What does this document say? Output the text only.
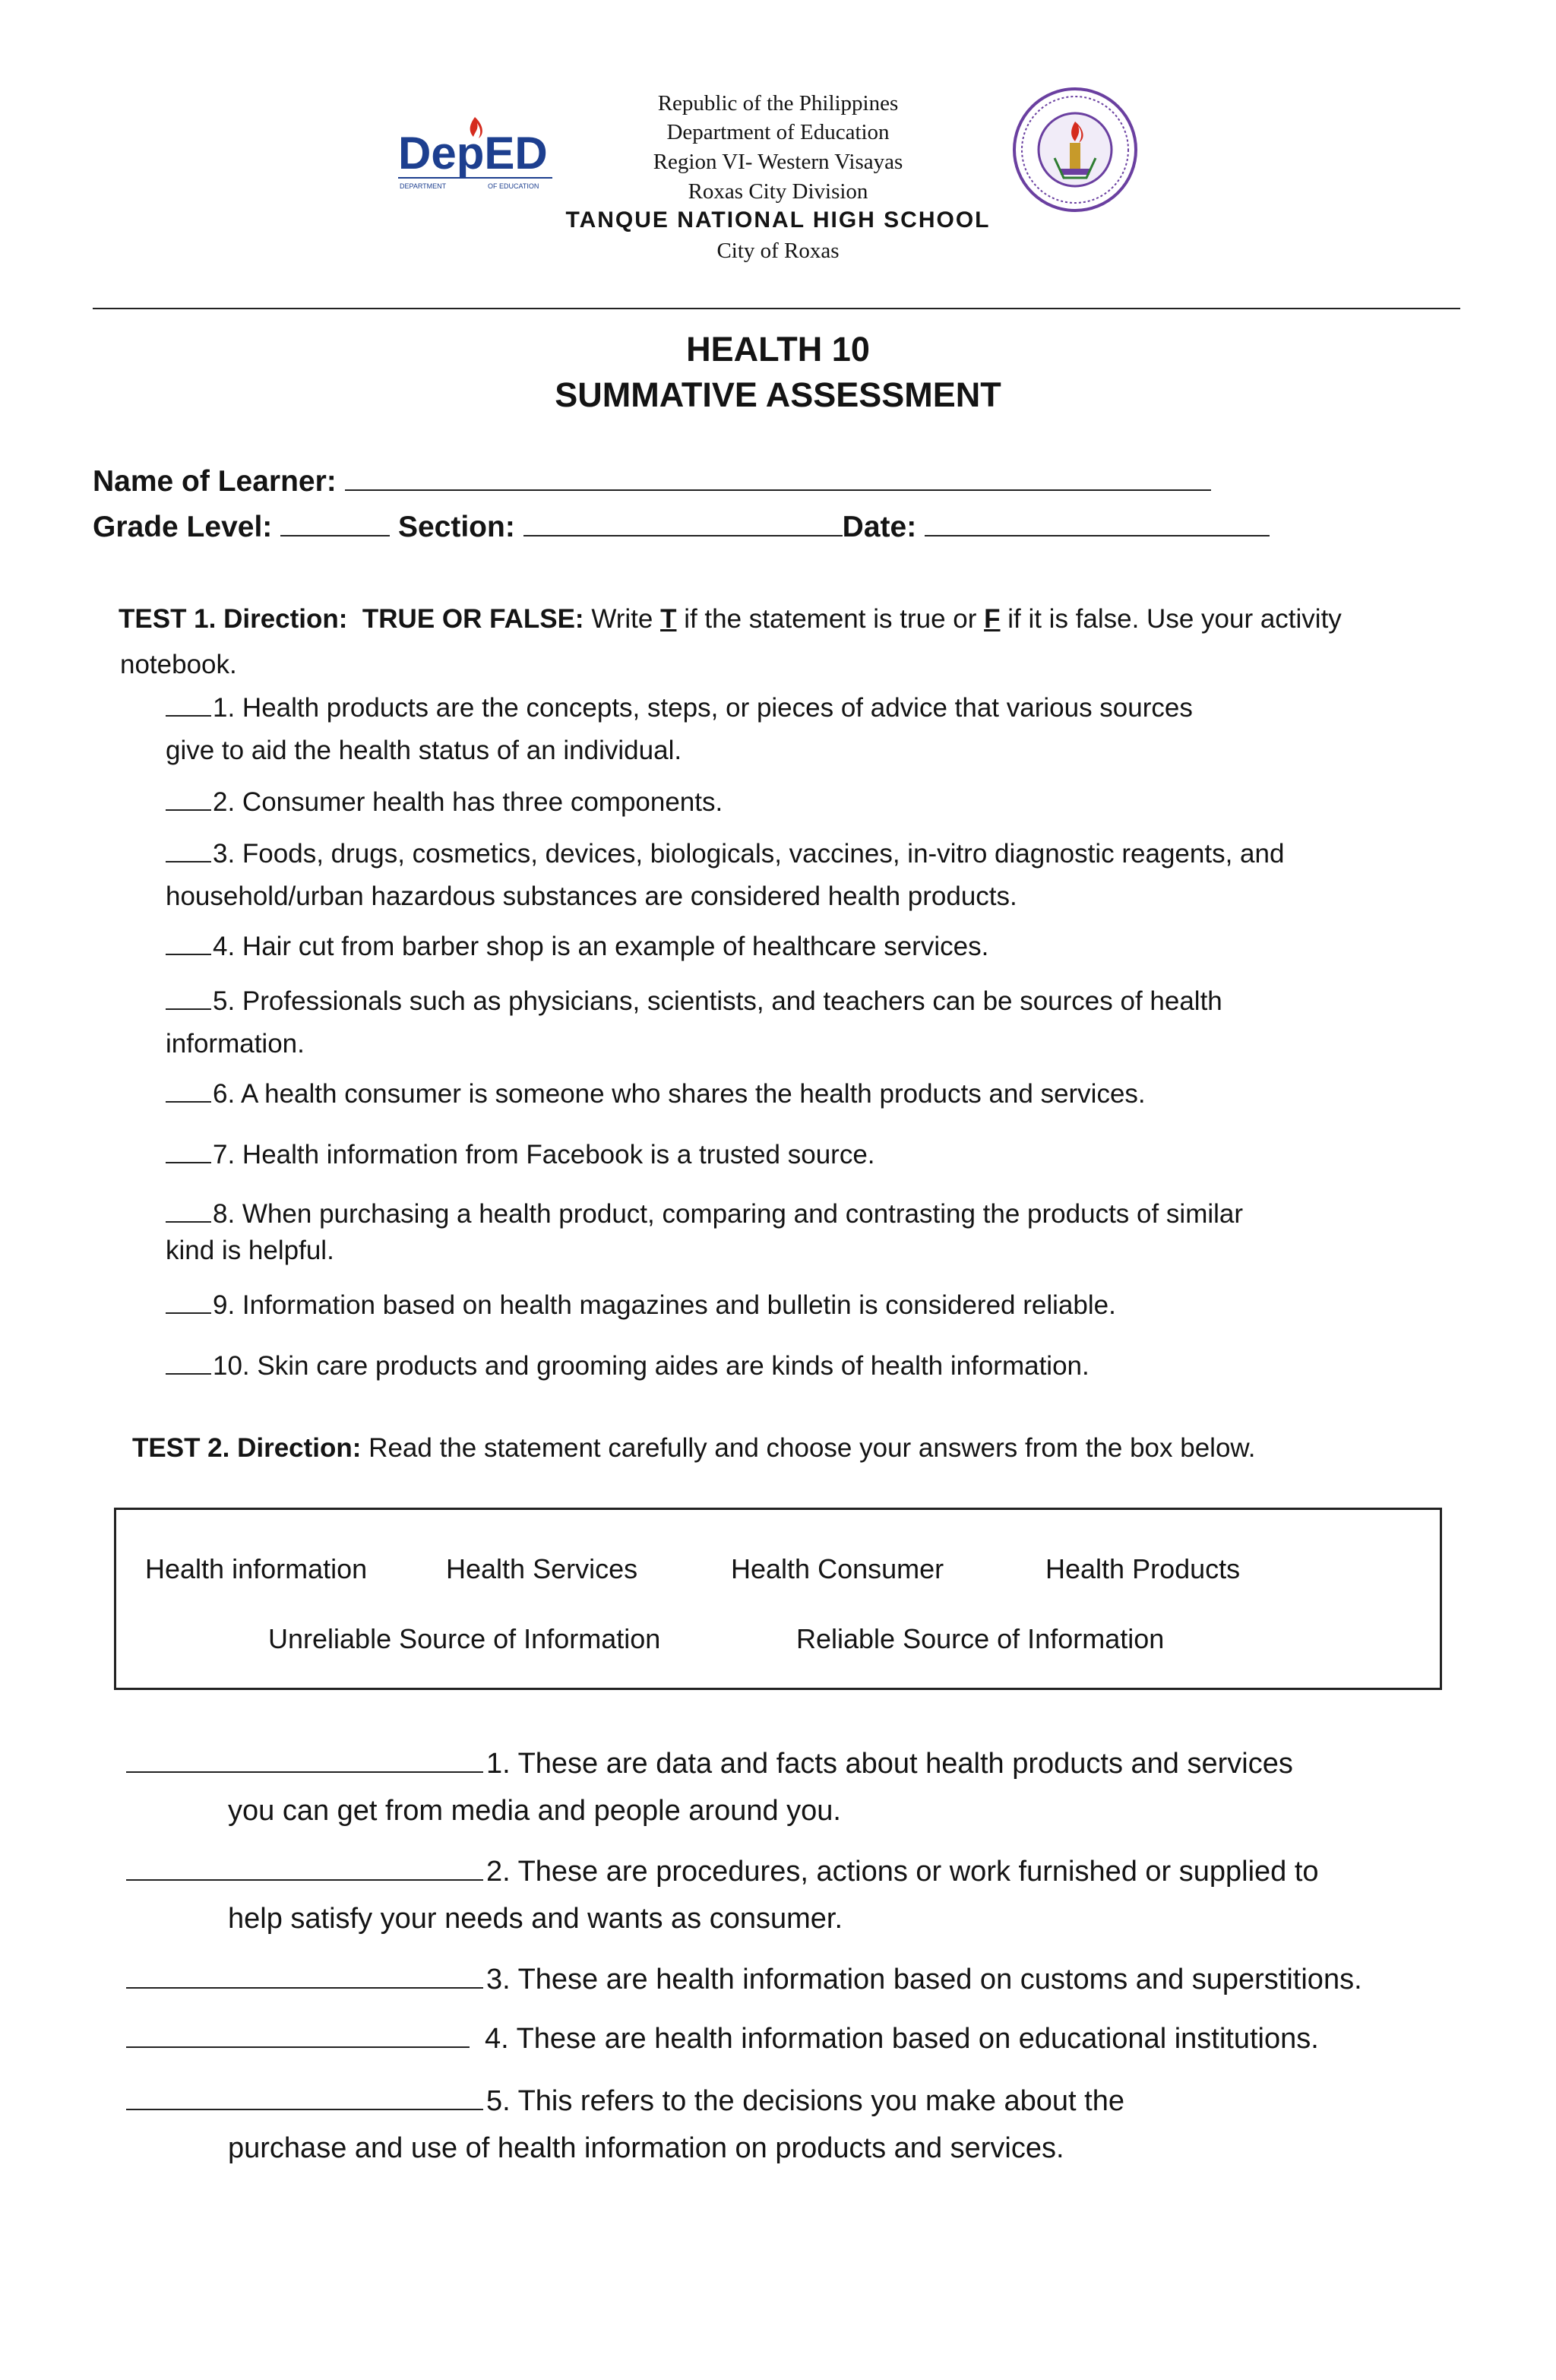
DepED
DEPARTMENT	OF EDUCATION
Republic of the Philippines
Department of Education
Region VI- Western Visayas
Roxas City Division
TANQUE NATIONAL HIGH SCHOOL
City of Roxas
HEALTH 10
SUMMATIVE ASSESSMENT
Name of Learner:
Grade Level:	Section:	Date:
TEST 1. Direction: TRUE OR FALSE: Write T if the statement is true or F if it is false. Use your activity
notebook.
1. Health products are the concepts, steps, or pieces of advice that various sources
give to aid the health status of an individual.
2. Consumer health has three components.
3. Foods, drugs, cosmetics, devices, biologicals, vaccines, in-vitro diagnostic reagents, and
household/urban hazardous substances are considered health products.
4. Hair cut from barber shop is an example of healthcare services.
5. Professionals such as physicians, scientists, and teachers can be sources of health
information.
6. A health consumer is someone who shares the health products and services.
7. Health information from Facebook is a trusted source.
8. When purchasing a health product, comparing and contrasting the products of similar
kind is helpful.
9. Information based on health magazines and bulletin is considered reliable.
10. Skin care products and grooming aides are kinds of health information.
TEST 2. Direction: Read the statement carefully and choose your answers from the box below.
Health information	Health Services	Health Consumer	Health Products
Unreliable Source of Information	Reliable Source of Information
1. These are data and facts about health products and services
you can get from media and people around you.
2. These are procedures, actions or work furnished or supplied to
help satisfy your needs and wants as consumer.
3. These are health information based on customs and superstitions.
4. These are health information based on educational institutions.
5. This refers to the decisions you make about the
purchase and use of health information on products and services.
